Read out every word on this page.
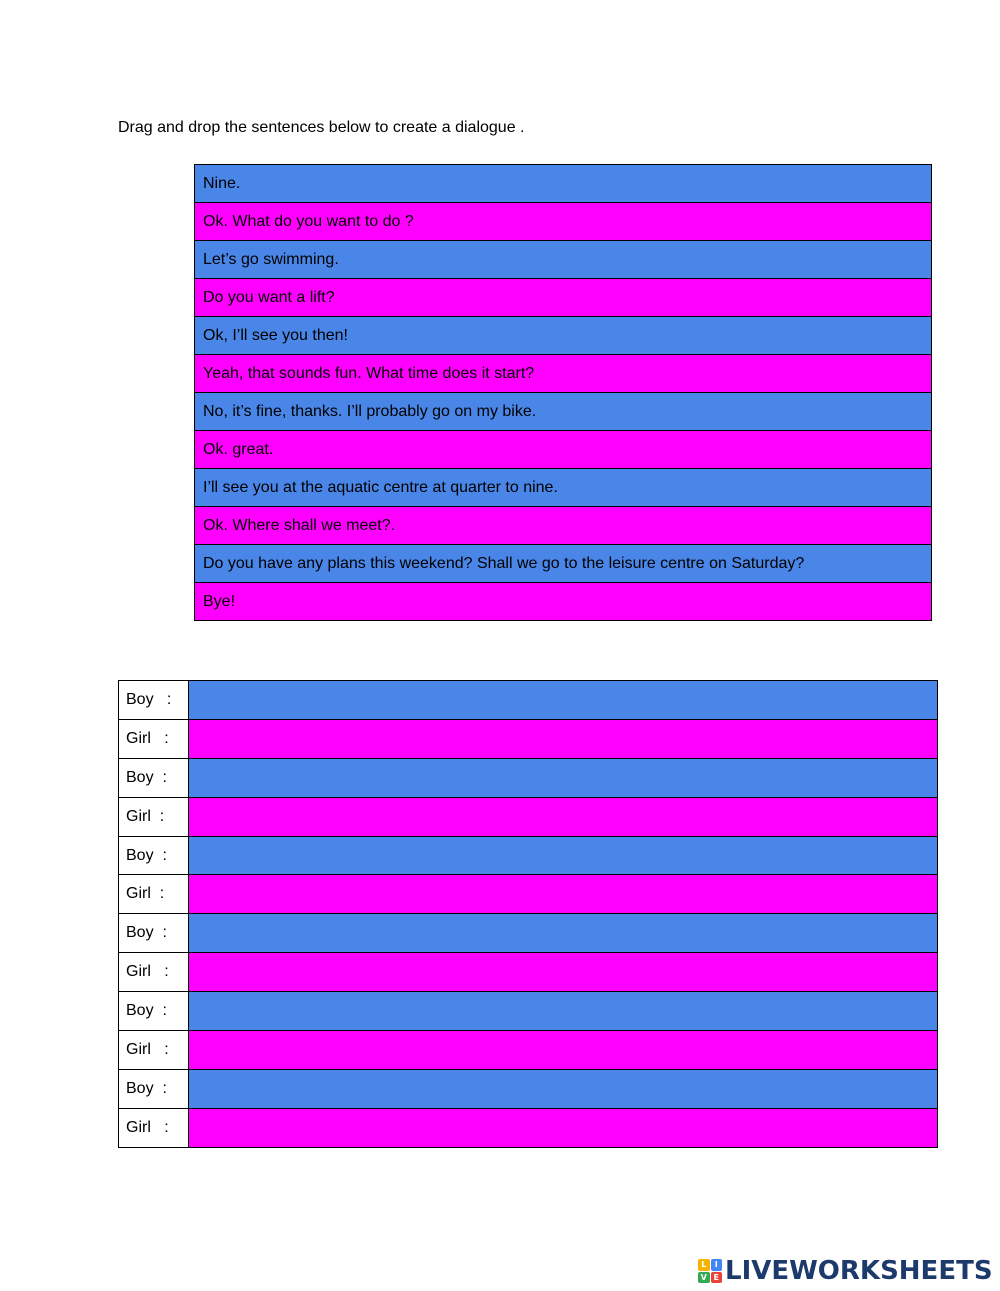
Drag and drop the sentences below to create a dialogue .
Nine.
Ok. What do you want to do ?
Let’s go swimming.
Do you want a lift?
Ok, I’ll see you then!
Yeah, that sounds fun. What time does it start?
No, it’s fine, thanks. I’ll probably go on my bike.
Ok. great.
I’ll see you at the aquatic centre at quarter to nine.
Ok. Where shall we meet?.
Do you have any plans this weekend? Shall we go to the leisure centre on Saturday?
Bye!
Boy   :	
Girl   :	
Boy  :	
Girl  :	
Boy  :	
Girl  :	
Boy  :	
Girl   :	
Boy  :	
Girl   :	
Boy  :	
Girl   :	
L	I
V E LIVEWORKSHEETS
